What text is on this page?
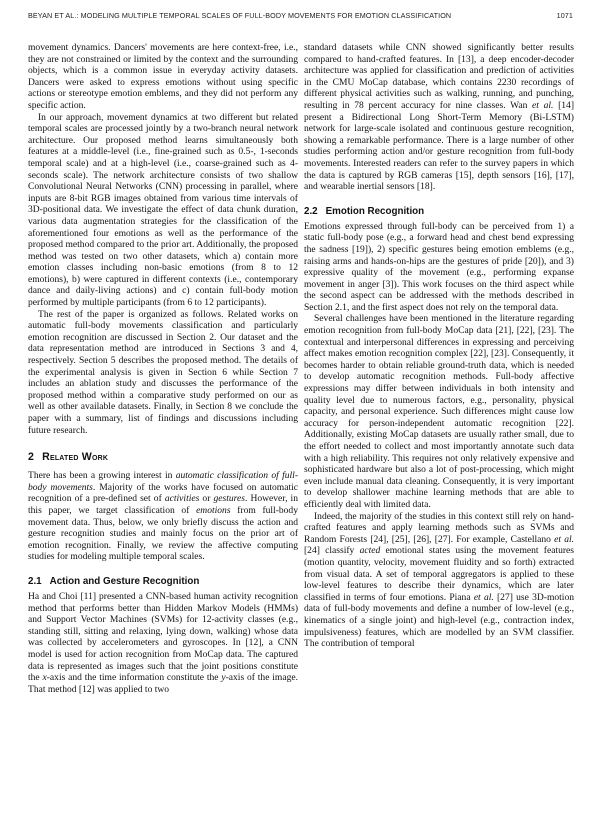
BEYAN ET AL.: MODELING MULTIPLE TEMPORAL SCALES OF FULL-BODY MOVEMENTS FOR EMOTION CLASSIFICATION	1071

movement dynamics. Dancers' movements are here context-free, i.e., they are not constrained or limited by the context and the surrounding objects, which is a common issue in everyday activity datasets. Dancers were asked to express emotions without using specific actions or stereotype emotion emblems, and they did not perform any specific action.

In our approach, movement dynamics at two different but related temporal scales are processed jointly by a two-branch neural network architecture. Our proposed method learns simultaneously both features at a middle-level (i.e., fine-grained such as 0.5-, 1-seconds temporal scale) and at a high-level (i.e., coarse-grained such as 4-seconds scale). The network architecture consists of two shallow Convolutional Neural Networks (CNN) processing in parallel, where inputs are 8-bit RGB images obtained from various time intervals of 3D-positional data. We investigate the effect of data chunk duration, various data augmentation strategies for the classification of the aforementioned four emotions as well as the performance of the proposed method compared to the prior art. Additionally, the proposed method was tested on two other datasets, which a) contain more emotion classes including non-basic emotions (from 8 to 12 emotions), b) were captured in different contexts (i.e., contemporary dance and daily-living actions) and c) contain full-body motion performed by multiple participants (from 6 to 12 participants).

The rest of the paper is organized as follows. Related works on automatic full-body movements classification and particularly emotion recognition are discussed in Section 2. Our dataset and the data representation method are introduced in Sections 3 and 4, respectively. Section 5 describes the proposed method. The details of the experimental analysis is given in Section 6 while Section 7 includes an ablation study and discusses the performance of the proposed method within a comparative study performed on our as well as other available datasets. Finally, in Section 8 we conclude the paper with a summary, list of findings and discussions including future research.

2 Related Work

There has been a growing interest in automatic classification of full-body movements. Majority of the works have focused on automatic recognition of a pre-defined set of activities or gestures. However, in this paper, we target classification of emotions from full-body movement data. Thus, below, we only briefly discuss the action and gesture recognition studies and mainly focus on the prior art of emotion recognition. Finally, we review the affective computing studies for modeling multiple temporal scales.

2.1 Action and Gesture Recognition

Ha and Choi [11] presented a CNN-based human activity recognition method that performs better than Hidden Markov Models (HMMs) and Support Vector Machines (SVMs) for 12-activity classes (e.g., standing still, sitting and relaxing, lying down, walking) whose data was collected by accelerometers and gyroscopes. In [12], a CNN model is used for action recognition from MoCap data. The captured data is represented as images such that the joint positions constitute the x-axis and the time information constitute the y-axis of the image. That method [12] was applied to two

standard datasets while CNN showed significantly better results compared to hand-crafted features. In [13], a deep encoder-decoder architecture was applied for classification and prediction of activities in the CMU MoCap database, which contains 2230 recordings of different physical activities such as walking, running, and punching, resulting in 78 percent accuracy for nine classes. Wan et al. [14] present a Bidirectional Long Short-Term Memory (Bi-LSTM) network for large-scale isolated and continuous gesture recognition, showing a remarkable performance. There is a large number of other studies performing action and/or gesture recognition from full-body movements. Interested readers can refer to the survey papers in which the data is captured by RGB cameras [15], depth sensors [16], [17], and wearable inertial sensors [18].

2.2 Emotion Recognition

Emotions expressed through full-body can be perceived from 1) a static full-body pose (e.g., a forward head and chest bend expressing the sadness [19]), 2) specific gestures being emotion emblems (e.g., raising arms and hands-on-hips are the gestures of pride [20]), and 3) expressive quality of the movement (e.g., performing expanse movement in anger [3]). This work focuses on the third aspect while the second aspect can be addressed with the methods described in Section 2.1, and the first aspect does not rely on the temporal data.

Several challenges have been mentioned in the literature regarding emotion recognition from full-body MoCap data [21], [22], [23]. The contextual and interpersonal differences in expressing and perceiving affect makes emotion recognition complex [22], [23]. Consequently, it becomes harder to obtain reliable ground-truth data, which is needed to develop automatic recognition methods. Full-body affective expressions may differ between individuals in both intensity and quality level due to numerous factors, e.g., personality, physical capacity, and personal experience. Such differences might cause low accuracy for person-independent automatic recognition [22]. Additionally, existing MoCap datasets are usually rather small, due to the effort needed to collect and most importantly annotate such data with a high reliability. This requires not only relatively expensive and sophisticated hardware but also a lot of post-processing, which might even include manual data cleaning. Consequently, it is very important to develop shallower machine learning methods that are able to efficiently deal with limited data.

Indeed, the majority of the studies in this context still rely on hand-crafted features and apply learning methods such as SVMs and Random Forests [24], [25], [26], [27]. For example, Castellano et al. [24] classify acted emotional states using the movement features (motion quantity, velocity, movement fluidity and so forth) extracted from visual data. A set of temporal aggregators is applied to these low-level features to describe their dynamics, which are later classified in terms of four emotions. Piana et al. [27] use 3D-motion data of full-body movements and define a number of low-level (e.g., kinematics of a single joint) and high-level (e.g., contraction index, impulsiveness) features, which are modelled by an SVM classifier. The contribution of temporal
